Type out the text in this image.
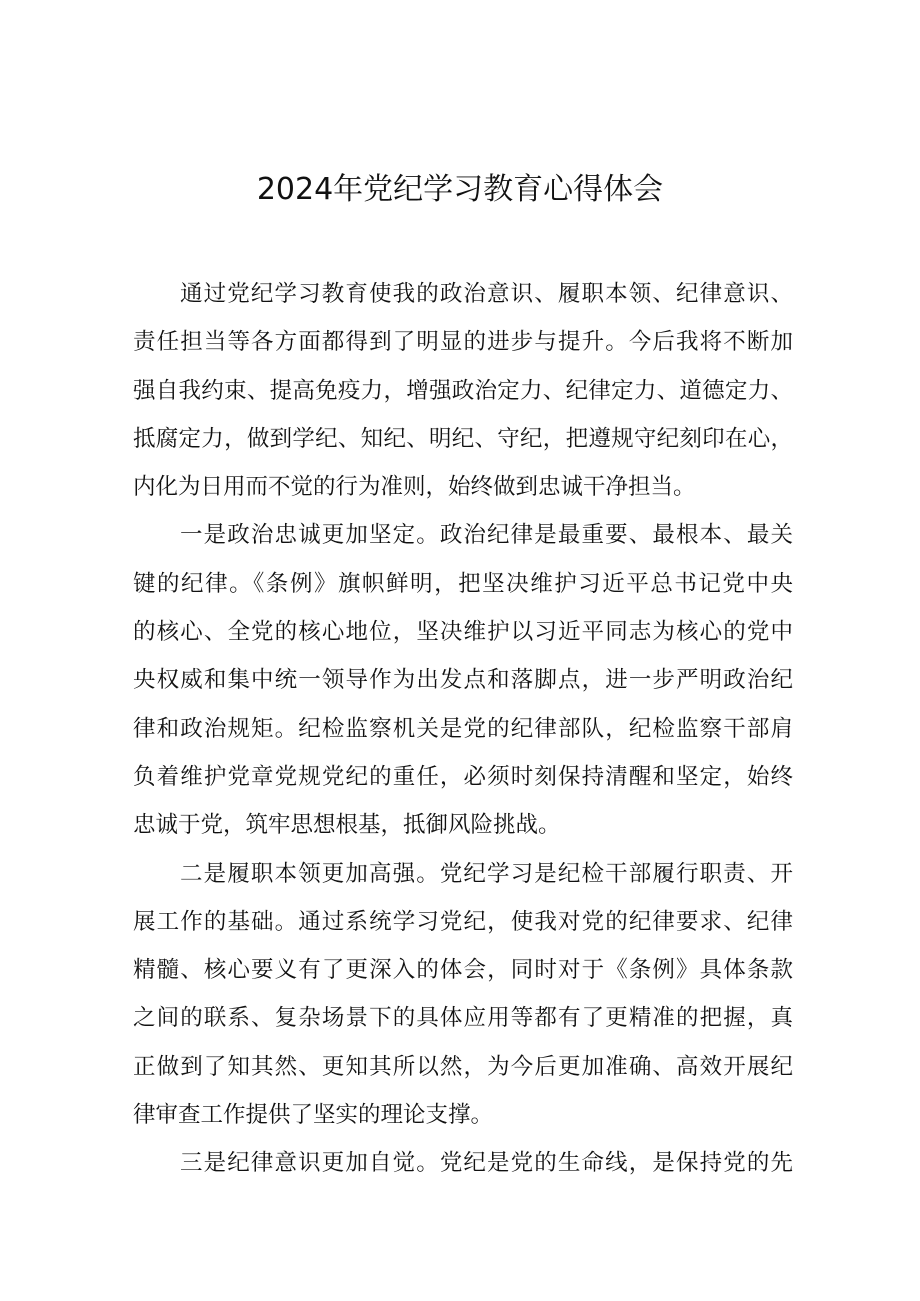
2024年党纪学习教育心得体会
通过党纪学习教育使我的政治意识、履职本领、纪律意识、
责任担当等各方面都得到了明显的进步与提升。今后我将不断加
强自我约束、提高免疫力，增强政治定力、纪律定力、道德定力、
抵腐定力，做到学纪、知纪、明纪、守纪，把遵规守纪刻印在心，
内化为日用而不觉的行为准则，始终做到忠诚干净担当。
一是政治忠诚更加坚定。政治纪律是最重要、最根本、最关
键的纪律。《条例》旗帜鲜明，把坚决维护习近平总书记党中央
的核心、全党的核心地位，坚决维护以习近平同志为核心的党中
央权威和集中统一领导作为出发点和落脚点，进一步严明政治纪
律和政治规矩。纪检监察机关是党的纪律部队，纪检监察干部肩
负着维护党章党规党纪的重任，必须时刻保持清醒和坚定，始终
忠诚于党，筑牢思想根基，抵御风险挑战。
二是履职本领更加高强。党纪学习是纪检干部履行职责、开
展工作的基础。通过系统学习党纪，使我对党的纪律要求、纪律
精髓、核心要义有了更深入的体会，同时对于《条例》具体条款
之间的联系、复杂场景下的具体应用等都有了更精准的把握，真
正做到了知其然、更知其所以然，为今后更加准确、高效开展纪
律审查工作提供了坚实的理论支撑。
三是纪律意识更加自觉。党纪是党的生命线，是保持党的先
